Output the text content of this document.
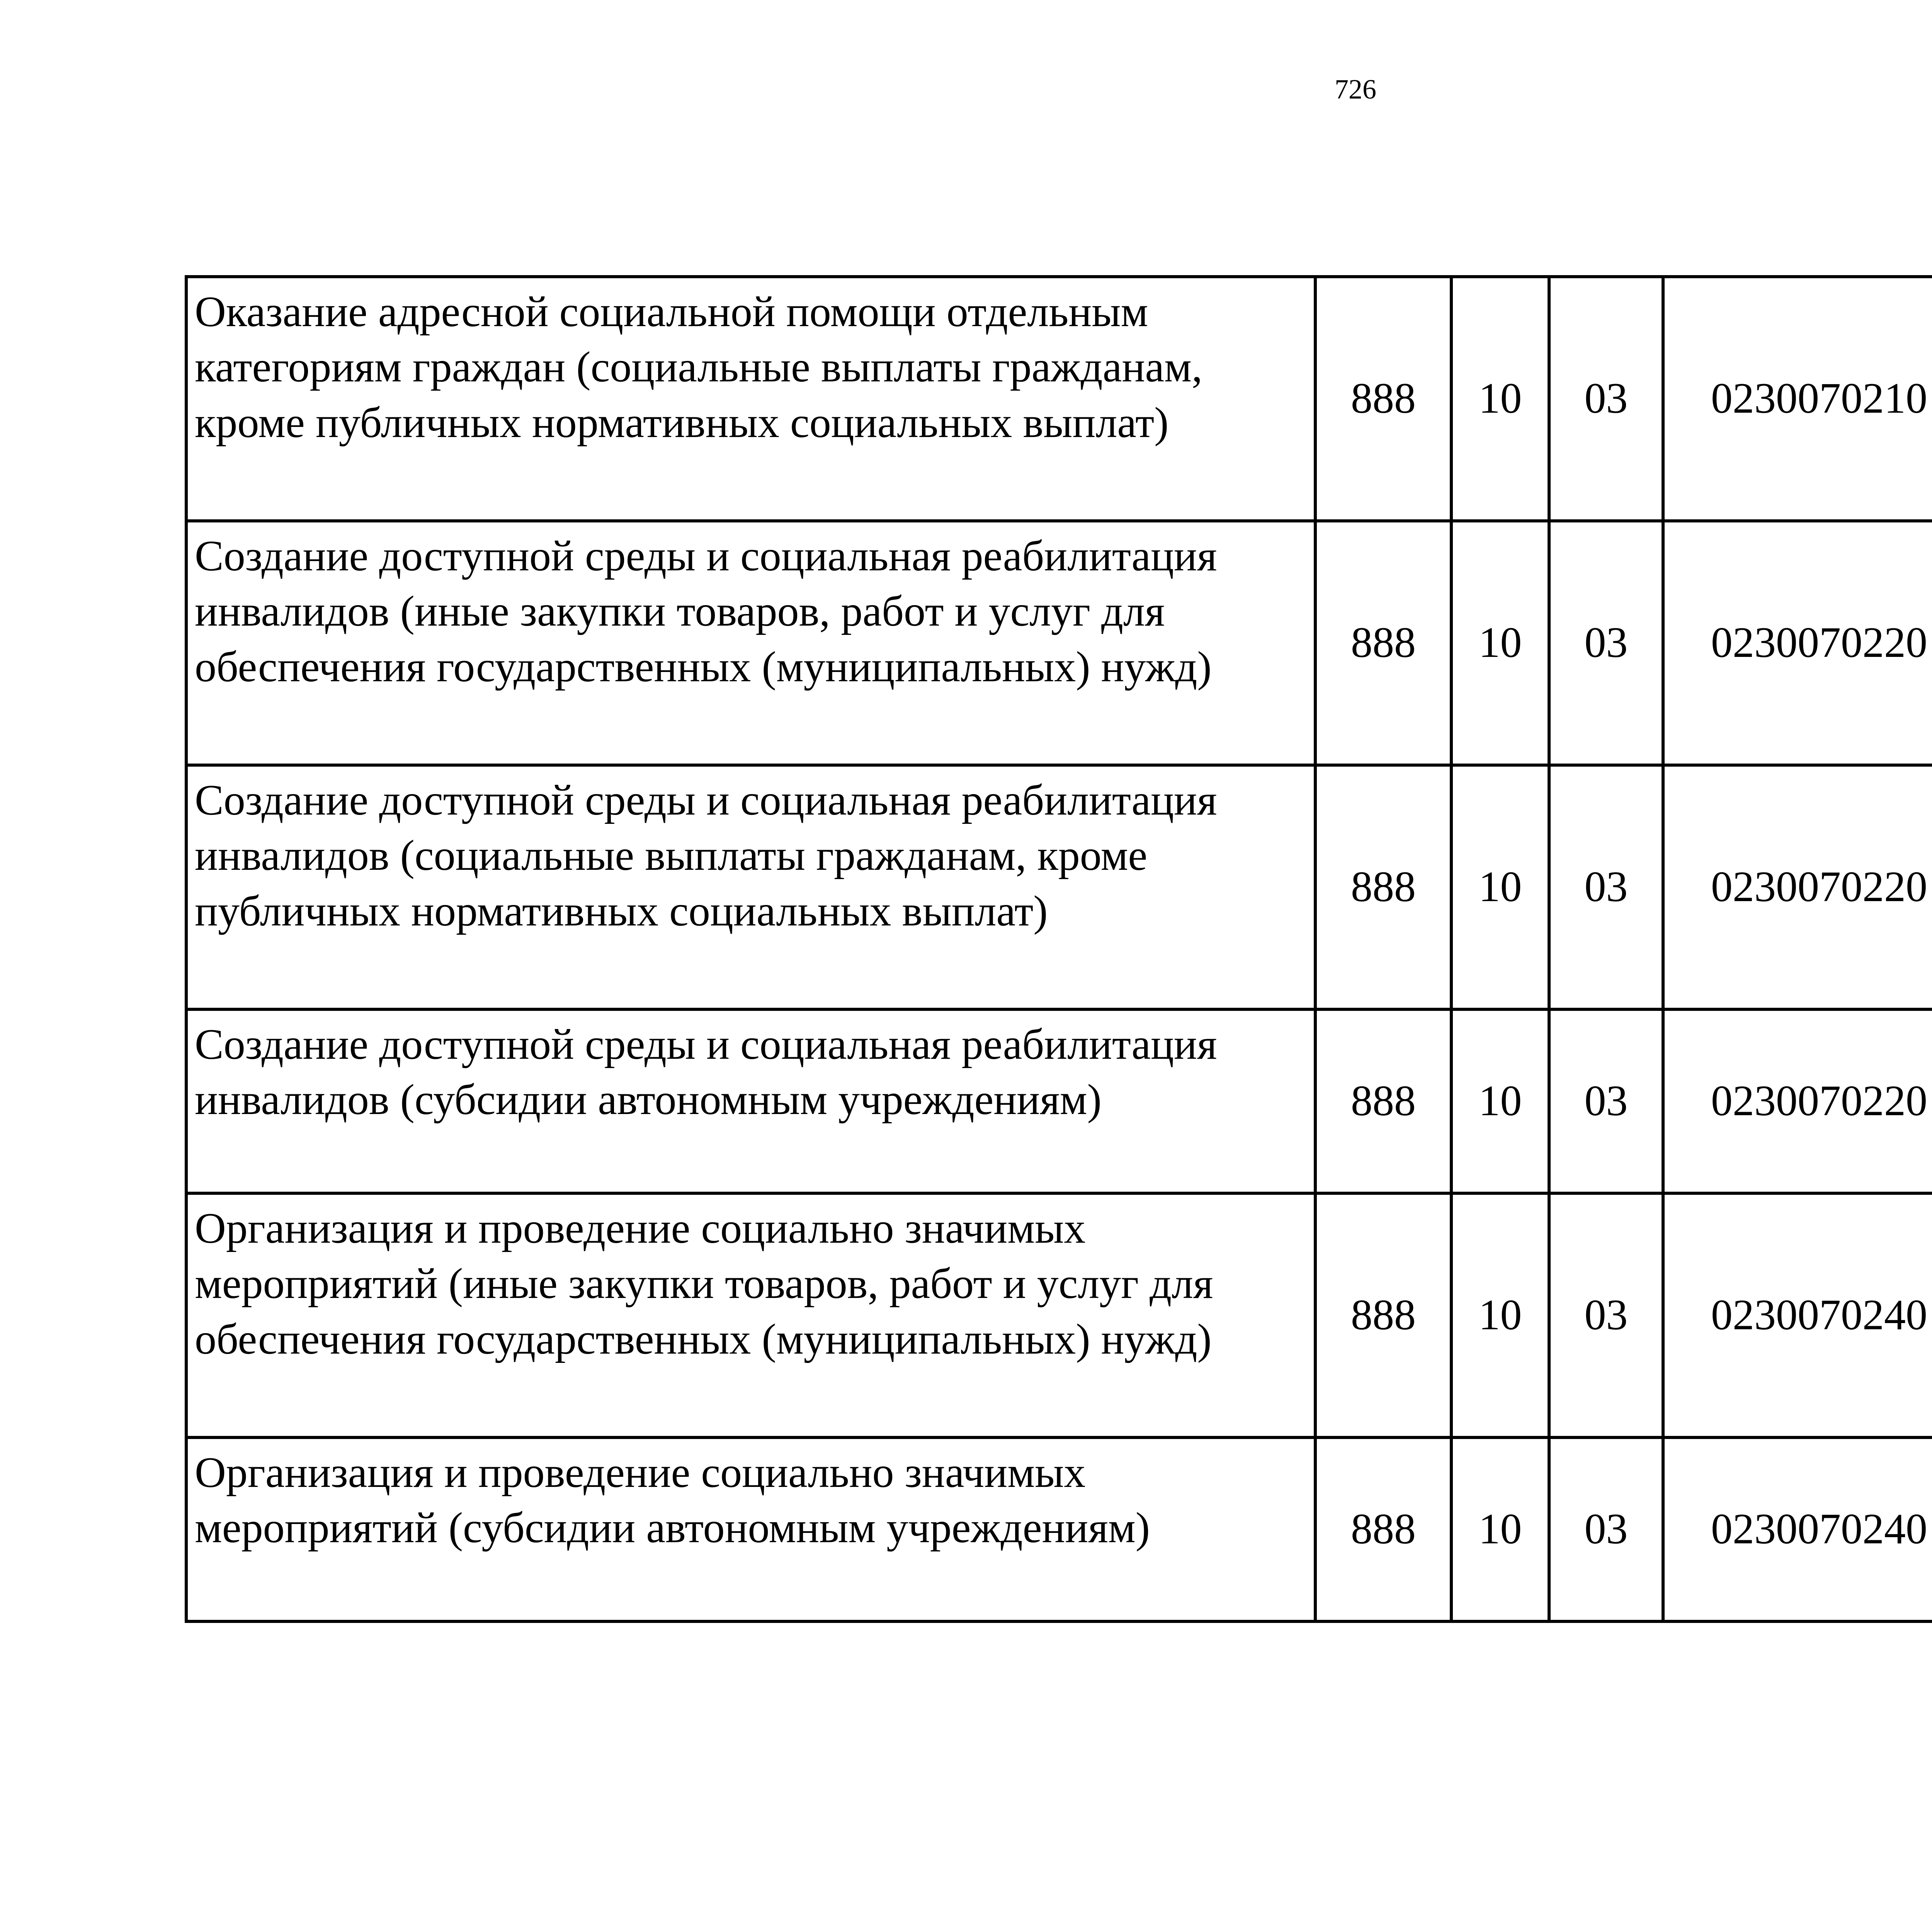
726
Оказание адресной социальной помощи отдельным категориям граждан (социальные выплаты гражданам, кроме публичных нормативных социальных выплат)	888	10	03	0230070210		
Создание доступной среды и социальная реабилитация инвалидов (иные закупки товаров, работ и услуг для обеспечения государственных (муниципальных) нужд)	888	10	03	0230070220		
Создание доступной среды и социальная реабилитация инвалидов (социальные выплаты гражданам, кроме публичных нормативных социальных выплат)	888	10	03	0230070220		
Создание доступной среды и социальная реабилитация инвалидов (субсидии автономным учреждениям)	888	10	03	0230070220		
Организация и проведение социально значимых мероприятий (иные закупки товаров, работ и услуг для обеспечения государственных (муниципальных) нужд)	888	10	03	0230070240		
Организация и проведение социально значимых мероприятий (субсидии автономным учреждениям)	888	10	03	0230070240		
